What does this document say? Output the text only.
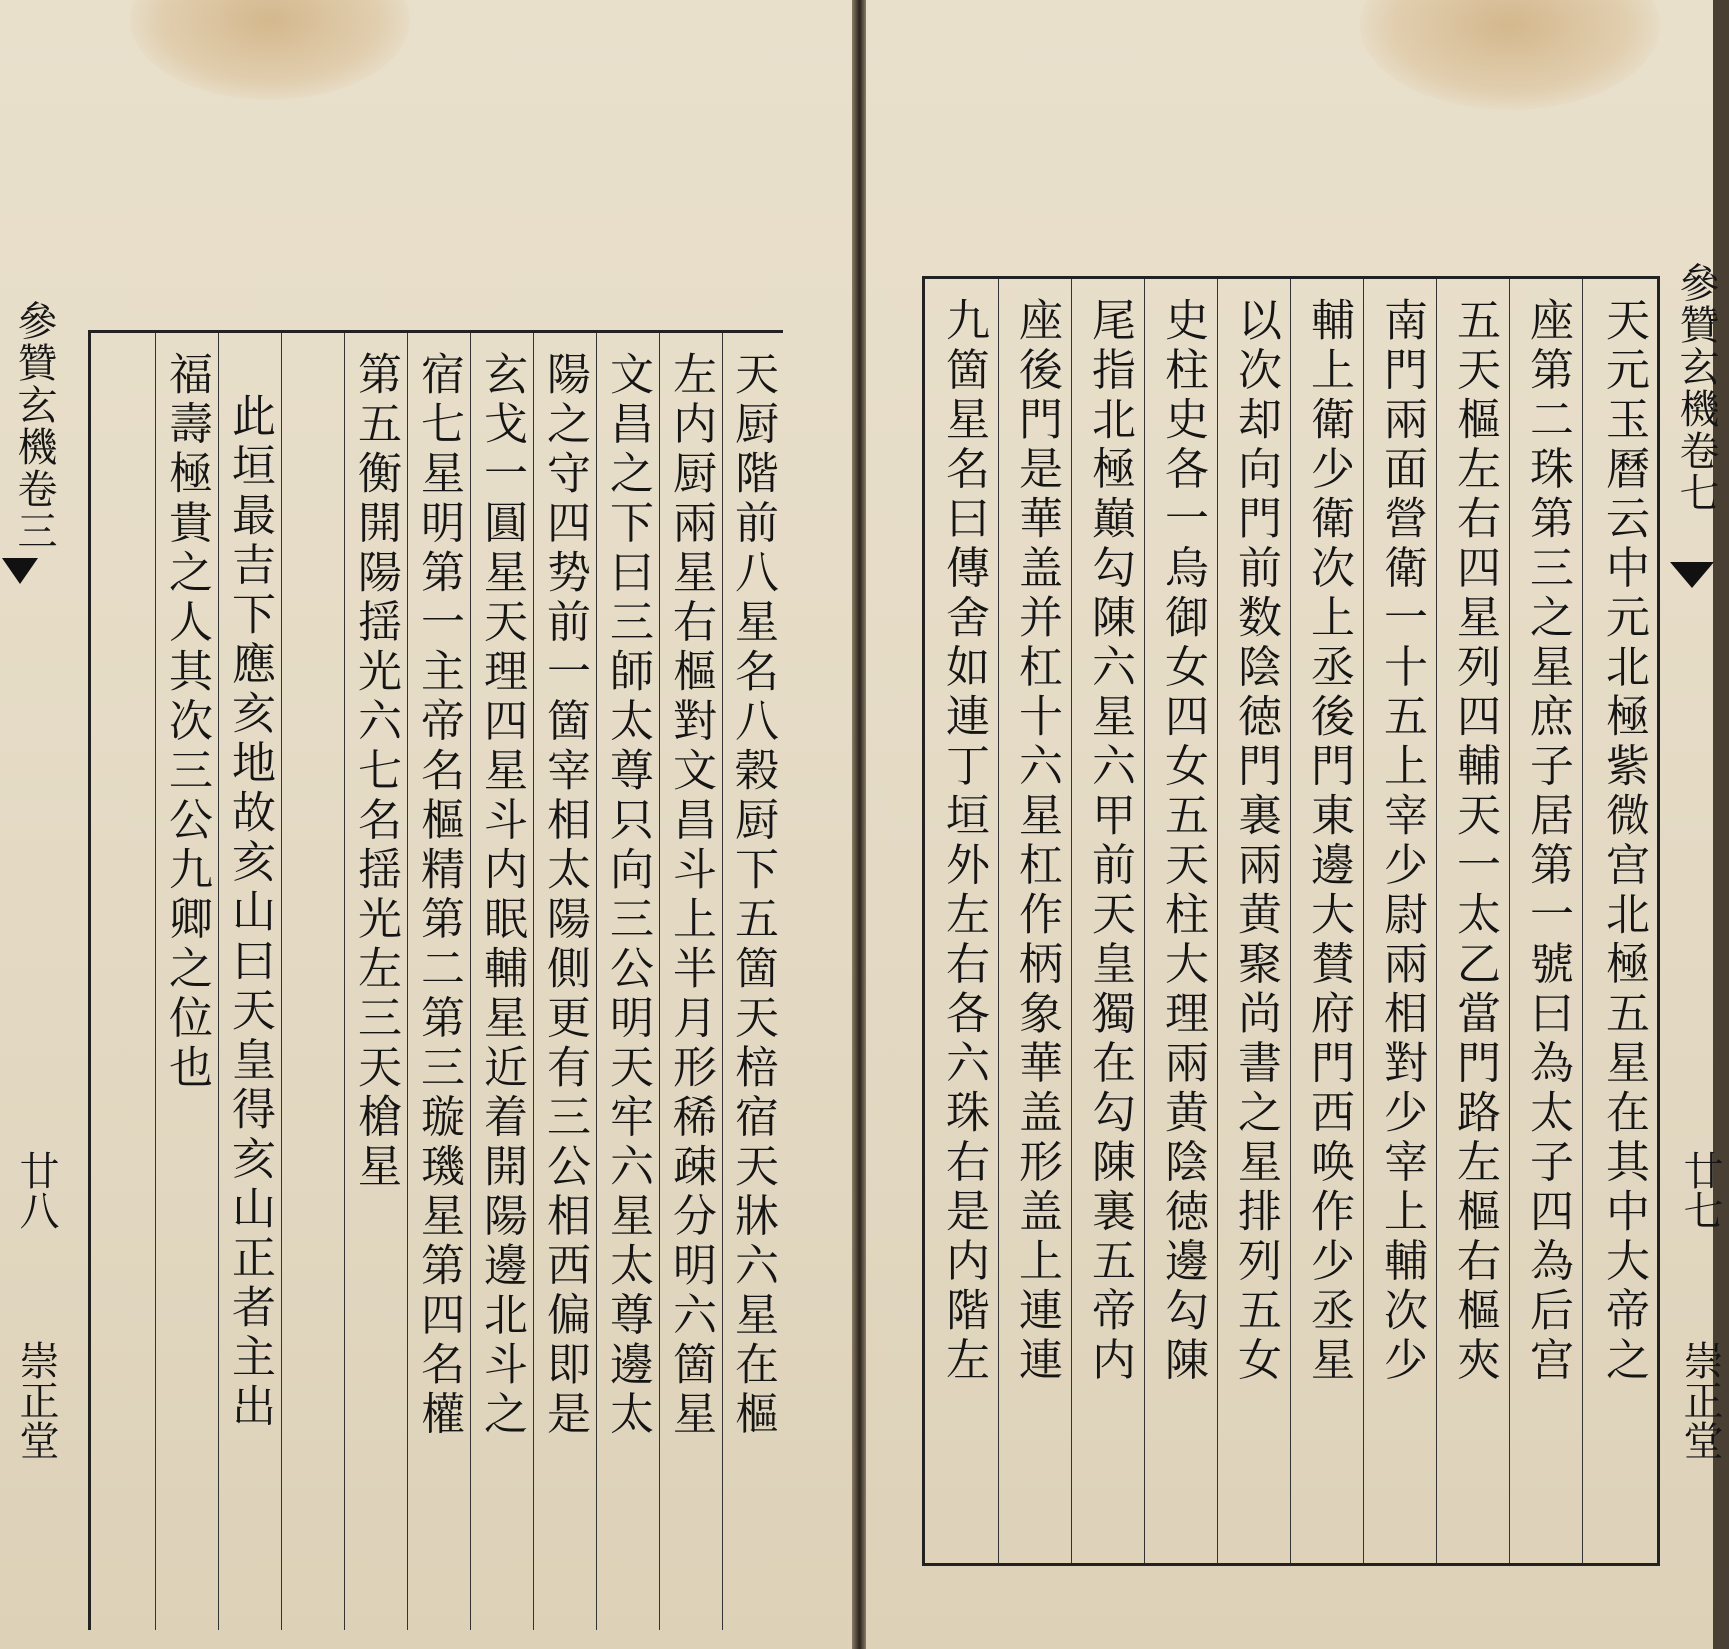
參贊玄機卷三	天厨階前八星名八榖厨下五箇天棓宿天牀六星在樞
左内厨兩星右樞對文昌斗上半月形稀疎分明六箇星
文昌之下曰三師太尊只向三公明天牢六星太尊邊太
陽之守四势前一箇宰相太陽側更有三公相西偏即是
玄戈一圓星天理四星斗内眠輔星近着開陽邊北斗之
宿七星明第一主帝名樞精第二第三璇璣星第四名權
第五衡開陽揺光六七名揺光左三天槍星
此垣最吉下應亥地故亥山曰天皇得亥山正者主出
福壽極貴之人其次三公九卿之位也	天元玉曆云中元北極紫微宫北極五星在其中大帝之
座第二珠第三之星庶子居第一號曰為太子四為后宫
五天樞左右四星列四輔天一太乙當門路左樞右樞夾
南門兩面營衛一十五上宰少尉兩相對少宰上輔次少
輔上衛少衛次上丞後門東邊大賛府門西唤作少丞星
以次却向門前数陰徳門裏兩黄聚尚書之星排列五女
史柱史各一烏御女四女五天柱大理兩黄陰徳邊勾陳
尾指北極巔勾陳六星六甲前天皇獨在勾陳裏五帝内
座後門是華盖并杠十六星杠作柄象華盖形盖上連連
九箇星名曰傳舍如連丁垣外左右各六珠右是内階左	參贊玄機卷七
廿七
崇正堂
廿八
崇正堂
